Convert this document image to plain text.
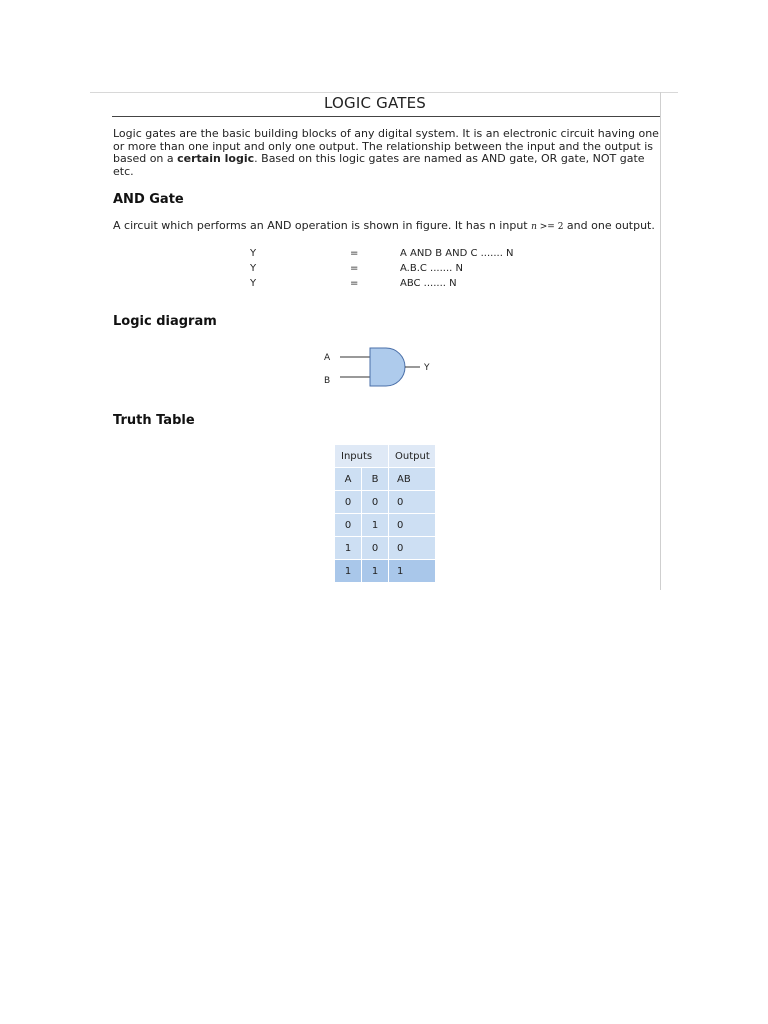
LOGIC GATES
Logic gates are the basic building blocks of any digital system. It is an electronic circuit having one or more than one input and only one output. The relationship between the input and the output is based on a certain logic. Based on this logic gates are named as AND gate, OR gate, NOT gate etc.
AND Gate
A circuit which performs an AND operation is shown in figure. It has n input n >= 2 and one output.
Y	=	A AND B AND C ....... N
Y	=	A.B.C ....... N
Y	=	ABC ....... N
Logic diagram
A
B
Y
Truth Table
Inputs		Output
A	B	AB
0	0	0
0	1	0
1	0	0
1	1	1
